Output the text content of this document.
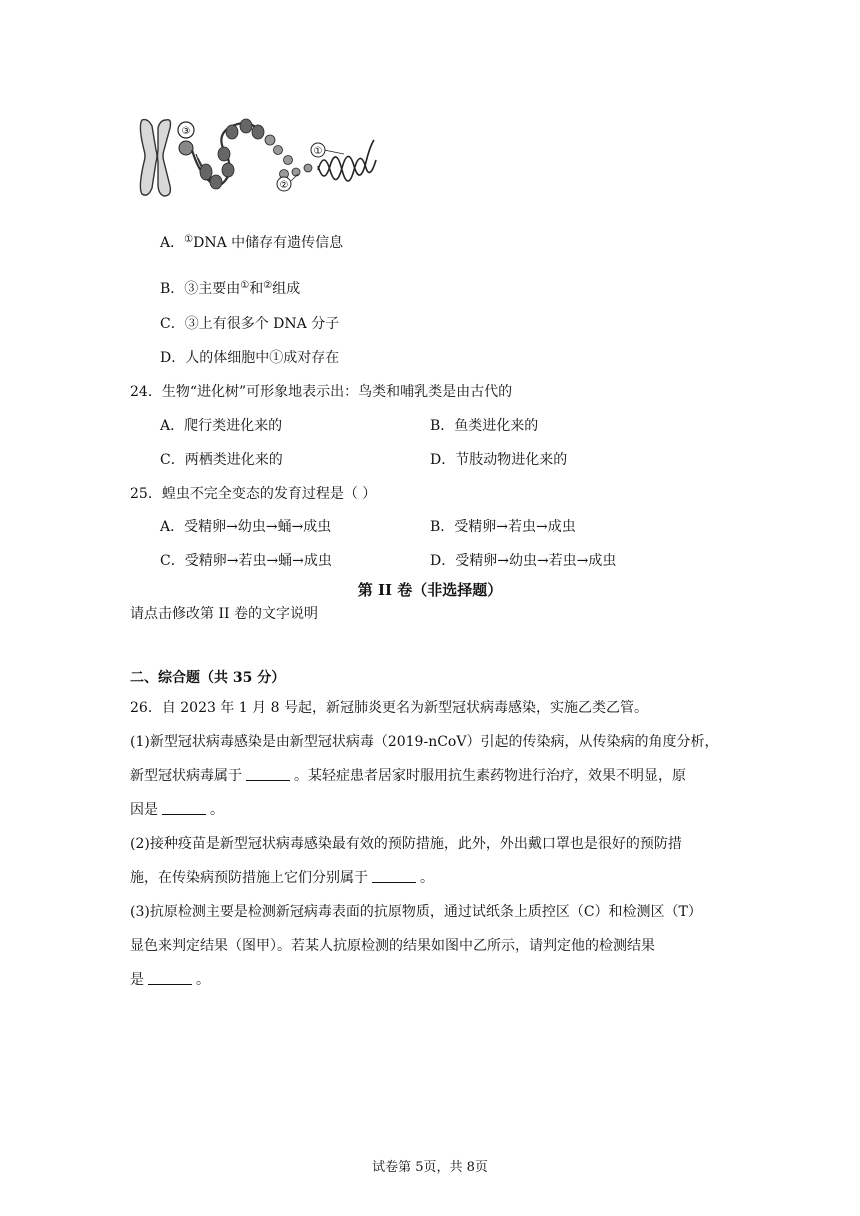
③
①
②
A．①DNA 中储存有遗传信息
B．③主要由①和②组成
C．③上有很多个 DNA 分子
D．人的体细胞中①成对存在
24．生物“进化树”可形象地表示出：鸟类和哺乳类是由古代的
A．爬行类进化来的	B．鱼类进化来的
C．两栖类进化来的	D．节肢动物进化来的
25．蝗虫不完全变态的发育过程是（ ）
A．受精卵→幼虫→蛹→成虫	B．受精卵→若虫→成虫
C．受精卵→若虫→蛹→成虫	D．受精卵→幼虫→若虫→成虫
第 II 卷（非选择题）
请点击修改第 II 卷的文字说明
二、综合题（共 35 分）
26．自 2023 年 1 月 8 号起，新冠肺炎更名为新型冠状病毒感染，实施乙类乙管。
(1)新型冠状病毒感染是由新型冠状病毒（2019-nCoV）引起的传染病，从传染病的角度分析，
新型冠状病毒属于	。某轻症患者居家时服用抗生素药物进行治疗，效果不明显，原
因是	。
(2)接种疫苗是新型冠状病毒感染最有效的预防措施，此外，外出戴口罩也是很好的预防措
施，在传染病预防措施上它们分别属于	。
(3)抗原检测主要是检测新冠病毒表面的抗原物质，通过试纸条上质控区（C）和检测区（T）
显色来判定结果（图甲）。若某人抗原检测的结果如图中乙所示，请判定他的检测结果
是	。
试卷第 5页，共 8页
